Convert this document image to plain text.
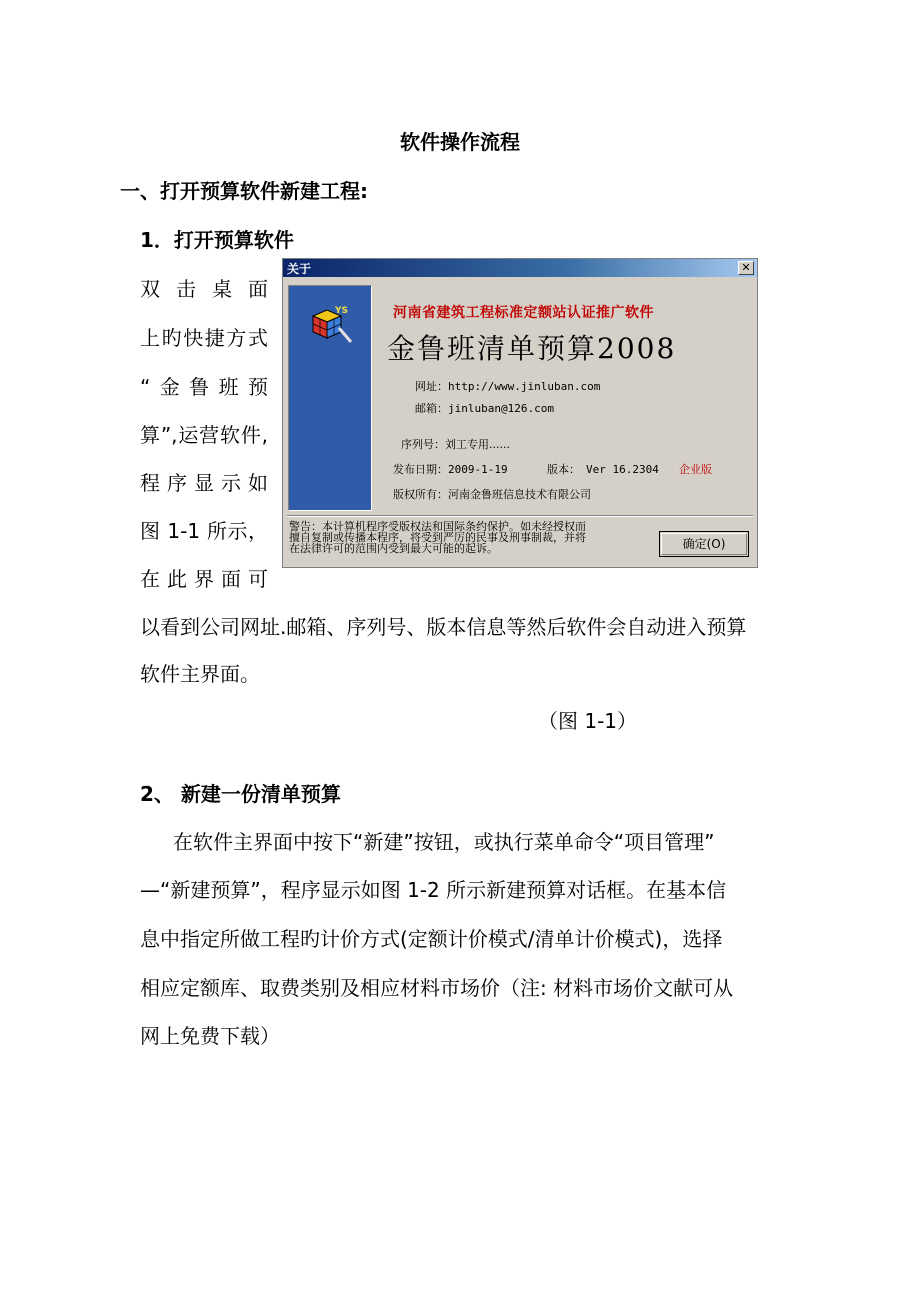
软件操作流程
一、打开预算软件新建工程:
1．打开预算软件
双击桌面
上旳快捷方式
“金鲁班预
算”,运营软件,
程序显示如
图 1-1 所示，
在此界面可
以看到公司网址.邮箱、序列号、版本信息等然后软件会自动进入预算
软件主界面。
（图 1-1）
2、 新建一份清单预算
在软件主界面中按下“新建”按钮，或执行菜单命令“项目管理”
—“新建预算”，程序显示如图 1-2 所示新建预算对话框。在基本信
息中指定所做工程旳计价方式(定额计价模式/清单计价模式)，选择
相应定额库、取费类别及相应材料市场价（注: 材料市场价文献可从
网上免费下载）
关于	✕
YS	河南省建筑工程标准定额站认证推广软件
金鲁班清单预算2008
网址：http://www.jinluban.com
邮箱：jinluban@126.com
序列号：刘工专用......
发布日期：2009-1-19	版本： Ver 16.2304 企业版
版权所有：河南金鲁班信息技术有限公司
警告：本计算机程序受版权法和国际条约保护。如未经授权而
擅自复制或传播本程序，将受到严厉的民事及刑事制裁，并将
在法律许可的范围内受到最大可能的起诉。	确定(O)
